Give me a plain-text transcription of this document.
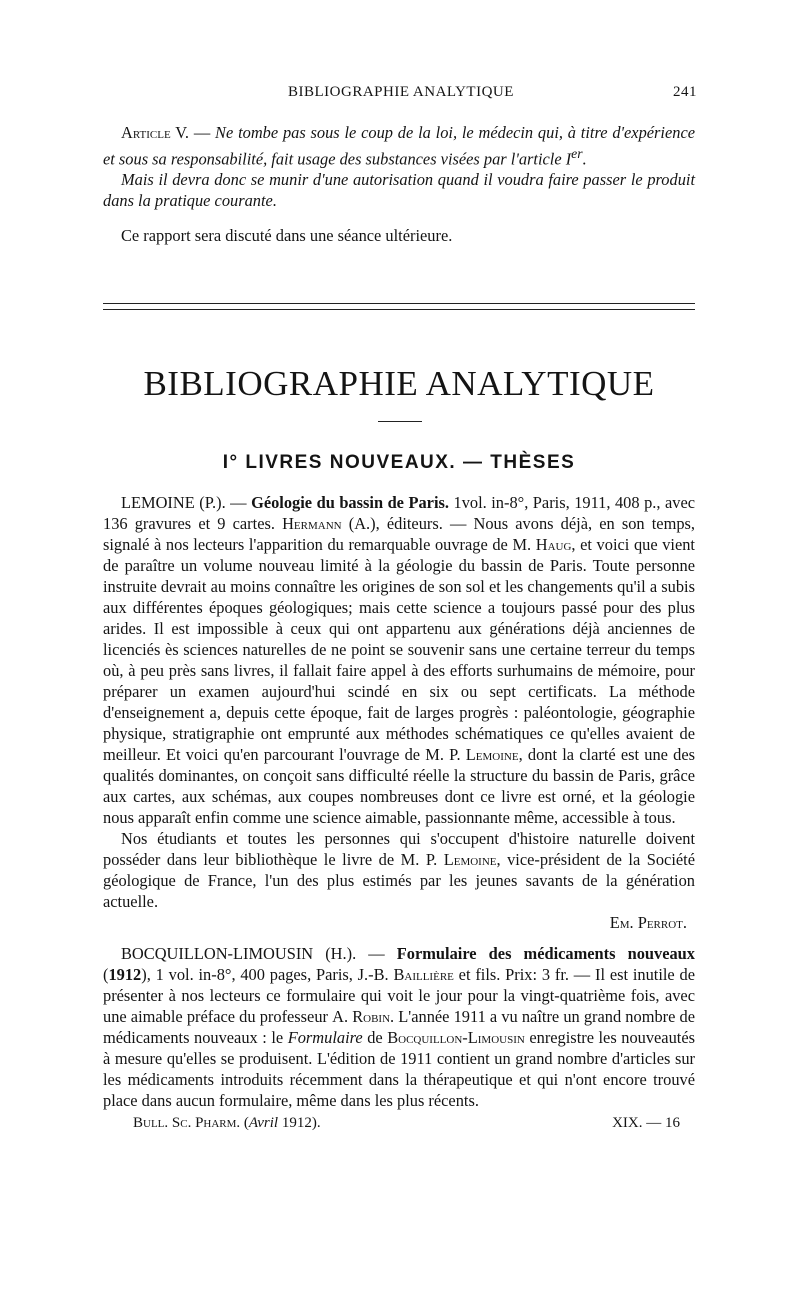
BIBLIOGRAPHIE ANALYTIQUE	241

Article V. — Ne tombe pas sous le coup de la loi, le médecin qui, à titre d'expérience et sous sa responsabilité, fait usage des substances visées par l'article Ier.

Mais il devra donc se munir d'une autorisation quand il voudra faire passer le produit dans la pratique courante.

Ce rapport sera discuté dans une séance ultérieure.

BIBLIOGRAPHIE ANALYTIQUE
I° LIVRES NOUVEAUX. — THÈSES

LEMOINE (P.). — Géologie du bassin de Paris. 1vol. in-8°, Paris, 1911, 408 p., avec 136 gravures et 9 cartes. Hermann (A.), éditeurs. — Nous avons déjà, en son temps, signalé à nos lecteurs l'apparition du remarquable ouvrage de M. Haug, et voici que vient de paraître un volume nouveau limité à la géologie du bassin de Paris. Toute personne instruite devrait au moins connaître les origines de son sol et les changements qu'il a subis aux différentes époques géologiques; mais cette science a toujours passé pour des plus arides. Il est impossible à ceux qui ont appartenu aux générations déjà anciennes de licenciés ès sciences naturelles de ne point se souvenir sans une certaine terreur du temps où, à peu près sans livres, il fallait faire appel à des efforts surhumains de mémoire, pour préparer un examen aujourd'hui scindé en six ou sept certificats. La méthode d'enseignement a, depuis cette époque, fait de larges progrès : paléontologie, géographie physique, stratigraphie ont emprunté aux méthodes schématiques ce qu'elles avaient de meilleur. Et voici qu'en parcourant l'ouvrage de M. P. Lemoine, dont la clarté est une des qualités dominantes, on conçoit sans difficulté réelle la structure du bassin de Paris, grâce aux cartes, aux schémas, aux coupes nombreuses dont ce livre est orné, et la géologie nous apparaît enfin comme une science aimable, passionnante même, accessible à tous.

Nos étudiants et toutes les personnes qui s'occupent d'histoire naturelle doivent posséder dans leur bibliothèque le livre de M. P. Lemoine, vice-président de la Société géologique de France, l'un des plus estimés par les jeunes savants de la génération actuelle.

Em. Perrot.

BOCQUILLON-LIMOUSIN (H.). — Formulaire des médicaments nouveaux (1912), 1 vol. in-8°, 400 pages, Paris, J.-B. Baillière et fils. Prix: 3 fr. — Il est inutile de présenter à nos lecteurs ce formulaire qui voit le jour pour la vingt-quatrième fois, avec une aimable préface du professeur A. Robin. L'année 1911 a vu naître un grand nombre de médicaments nouveaux : le Formulaire de Bocquillon-Limousin enregistre les nouveautés à mesure qu'elles se produisent. L'édition de 1911 contient un grand nombre d'articles sur les médicaments introduits récemment dans la thérapeutique et qui n'ont encore trouvé place dans aucun formulaire, même dans les plus récents.

Bull. Sc. Pharm. (Avril 1912).	XIX. — 16
